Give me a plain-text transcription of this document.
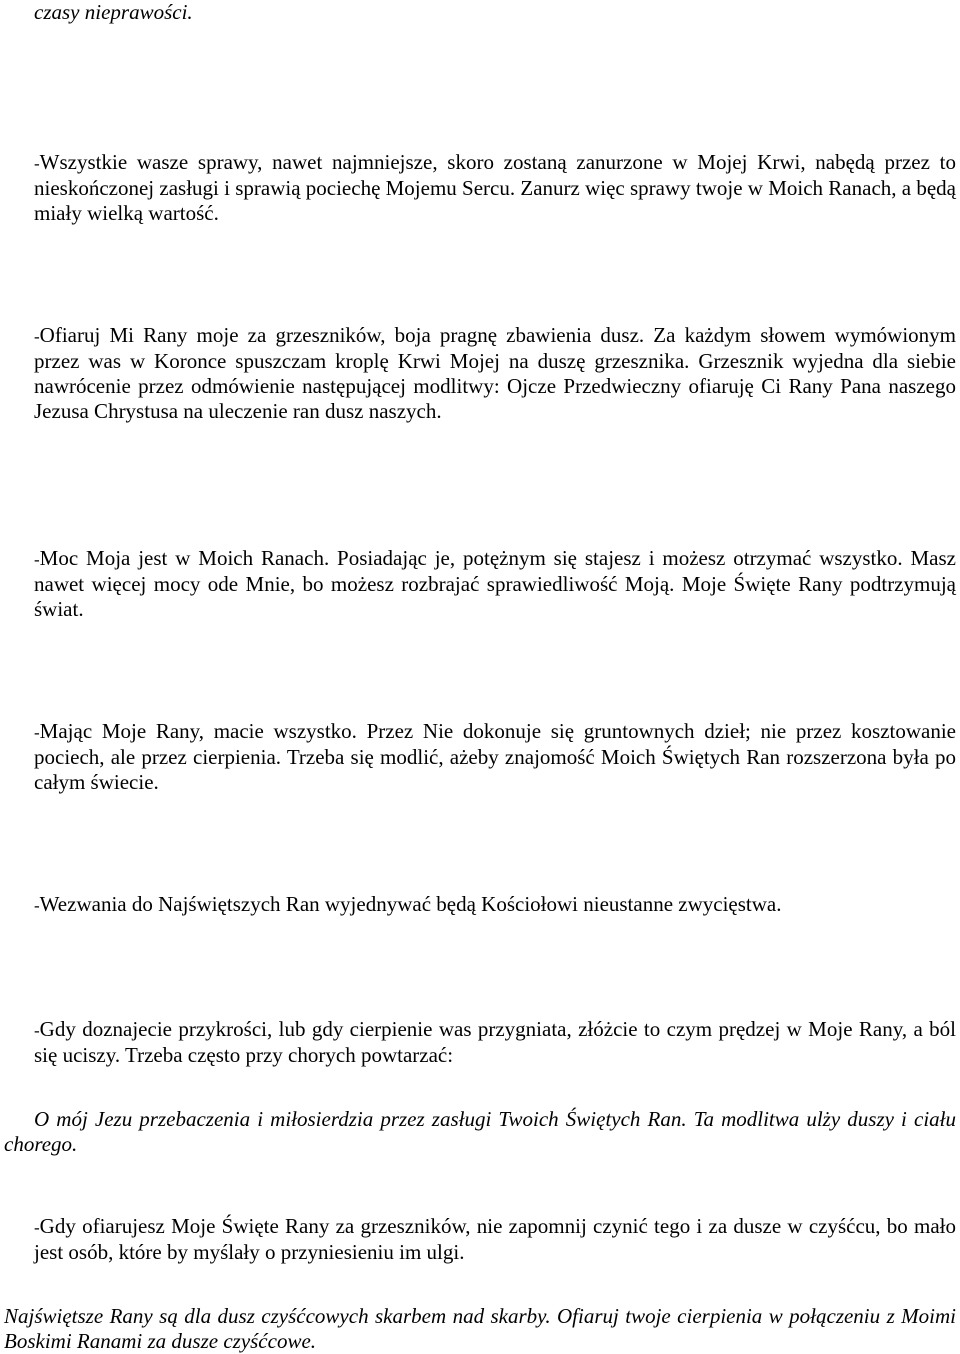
czasy nieprawości.

-Wszystkie wasze sprawy, nawet najmniejsze, skoro zostaną zanurzone w Mojej Krwi, nabędą przez to nieskończonej zasługi i sprawią pociechę Mojemu Sercu. Zanurz więc sprawy twoje w Moich Ranach, a będą miały wielką wartość.

-Ofiaruj Mi Rany moje za grzeszników, boja pragnę zbawienia dusz. Za każdym słowem wymówionym przez was w Koronce spuszczam kroplę Krwi Mojej na duszę grzesznika. Grzesznik wyjedna dla siebie nawrócenie przez odmówienie następującej modlitwy: Ojcze Przedwieczny ofiaruję Ci Rany Pana naszego Jezusa Chrystusa na uleczenie ran dusz naszych.

-Moc Moja jest w Moich Ranach. Posiadając je, potężnym się stajesz i możesz otrzymać wszystko. Masz nawet więcej mocy ode Mnie, bo możesz rozbrajać sprawiedliwość Moją. Moje Święte Rany podtrzymują świat.

-Mając Moje Rany, macie wszystko. Przez Nie dokonuje się gruntownych dzieł; nie przez kosztowanie pociech, ale przez cierpienia. Trzeba się modlić, ażeby znajomość Moich Świętych Ran rozszerzona była po całym świecie.

-Wezwania do Najświętszych Ran wyjednywać będą Kościołowi nieustanne zwycięstwa.

-Gdy doznajecie przykrości, lub gdy cierpienie was przygniata, złóżcie to czym prędzej w Moje Rany, a ból się uciszy. Trzeba często przy chorych powtarzać:

O mój Jezu przebaczenia i miłosierdzia przez zasługi Twoich Świętych Ran. Ta modlitwa ulży duszy i ciału chorego.

-Gdy ofiarujesz Moje Święte Rany za grzeszników, nie zapomnij czynić tego i za dusze w czyśćcu, bo mało jest osób, które by myślały o przyniesieniu im ulgi.

Najświętsze Rany są dla dusz czyśćcowych skarbem nad skarby. Ofiaruj twoje cierpienia w połączeniu z Moimi Boskimi Ranami za dusze czyśćcowe.
